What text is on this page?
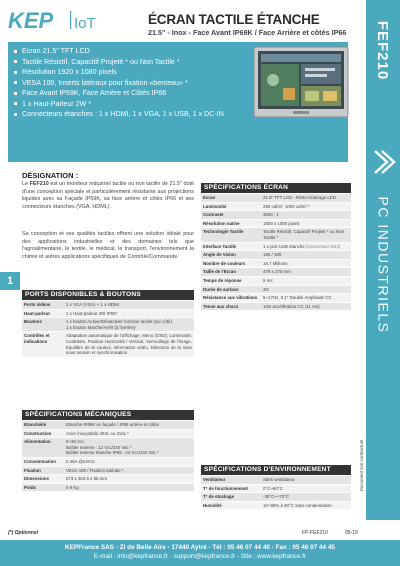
KEP IoT	ÉCRAN TACTILE ÉTANCHE
21.5" - Inox - Face Avant IP69K / Face Arrière et côtés IP66	FEF210
PC INDUSTRIELS
1
Ecran 21.5" TFT LCD
Tactile Résistif, Capacitif Projeté * ou Non Tactile *
Résolution 1920 x 1080 pixels
VESA 100, Inserts latéraux pour fixation «berceau» *
Face Avant IP69K, Face Arrière et Côtés IP66
1 x Haut-Parleur 2W *
Connecteurs étanches : 1 x HDMI, 1 x VGA, 1 x USB, 1 x DC-IN
DÉSIGNATION :
Le FEF210 est un moniteur industriel tactile ou non tactile de 21.5" doté d'une conception spéciale et particulièrement résistante aux projections liquides avec sa Façade IP69K, sa face arrière et côtés IP66 et ses connecteurs étanches (VGA, HDML).
Sa conception et ses qualités tactiles offrent une solution idéale pour des applications industrielles et des domaines tels que l'agroalimentaire, le textile, le médical, le transport, l'environnement la chimie et autres applications spécifiques de Contrôle/Commande.
PORTS DISPONIBLES & BOUTONS
Ports vidéos	1 x VGA (VGA) + 1 x HDMI
Haut-parleur	1 x Haut-parleur 2W IP65*
Boutons	1 x bouton Activer/Désactiver fonction tactile (sur côté)
1 x bouton Marche/Arrêt (à l'arrière)

Contrôles et indications	Adaptation automatique de l'affichage, Menu (OSD), Luminosité, Contraste, Position Horizontal / Vertical, Verrouillage de l'image. Equilibre de la couleur, information vidéo, Détection de la mise sous tension et synchronisation
SPÉCIFICATIONS MÉCANIQUES
Etanchéité	Etanche IP69K en façade / IP66 arrière et côtés
Construction	Acier inoxydable 304L ou 316L *
Alimentation	9~36 Vcc
Boîtier externe : 12 Vcc/240 Vac *
Boîtier externe étanche IP65 : 24 Vcc/240 Vac *

Consommation	0.45A @24Vcc
Fixation	VESA 100 / Fixation latérale *
Dimensions	573 x 362.5 x 55 mm
Poids	9.9 Kg
SPÉCIFICATIONS ÉCRAN
Ecran	21.5" TFT LCD - Rétro-éclairage LED
Luminosité	250 cd/m², 1000 cd/m² *
Contraste	3000 : 1
Résolution native	1920 x 1080 pixels
Technologie Tactile	Tactile Résistif, Capacitif Projeté * ou Non Tactile *
Interface Tactile	1 x port USB étanche (connecteur M12)
Angle de Vision	180 / 180
Nombre de couleurs	16.7 Millions
Taille de l'Ecran	479 x 270 mm
Temps de réponse	5 ms
Durée de surface	4G
Résistance aux vibrations	5~17Hz, 0.1" Double Amplitude CC
Tenue aux chocs	10G accélération CC (11 ms)
SPÉCIFICATIONS D'ENVIRONNEMENT
Ventilateur	Sans ventilateur
T° de fonctionnement	0°C~60°C
T° de stockage	-30°C~+70°C
Humidité	10~90% à 40°C sans condensation
Document non contractuel
(*) Optionnel	FP-FEF210	05-19
KEPFrance SAS - ZI de Belle Aire - 17440 Aytré - Tél : 05 46 07 44 40 - Fax : 05 46 07 44 45
E-mail : info@kepfrance.fr - support@kepfrance.fr - Site : www.kepfrance.fr
